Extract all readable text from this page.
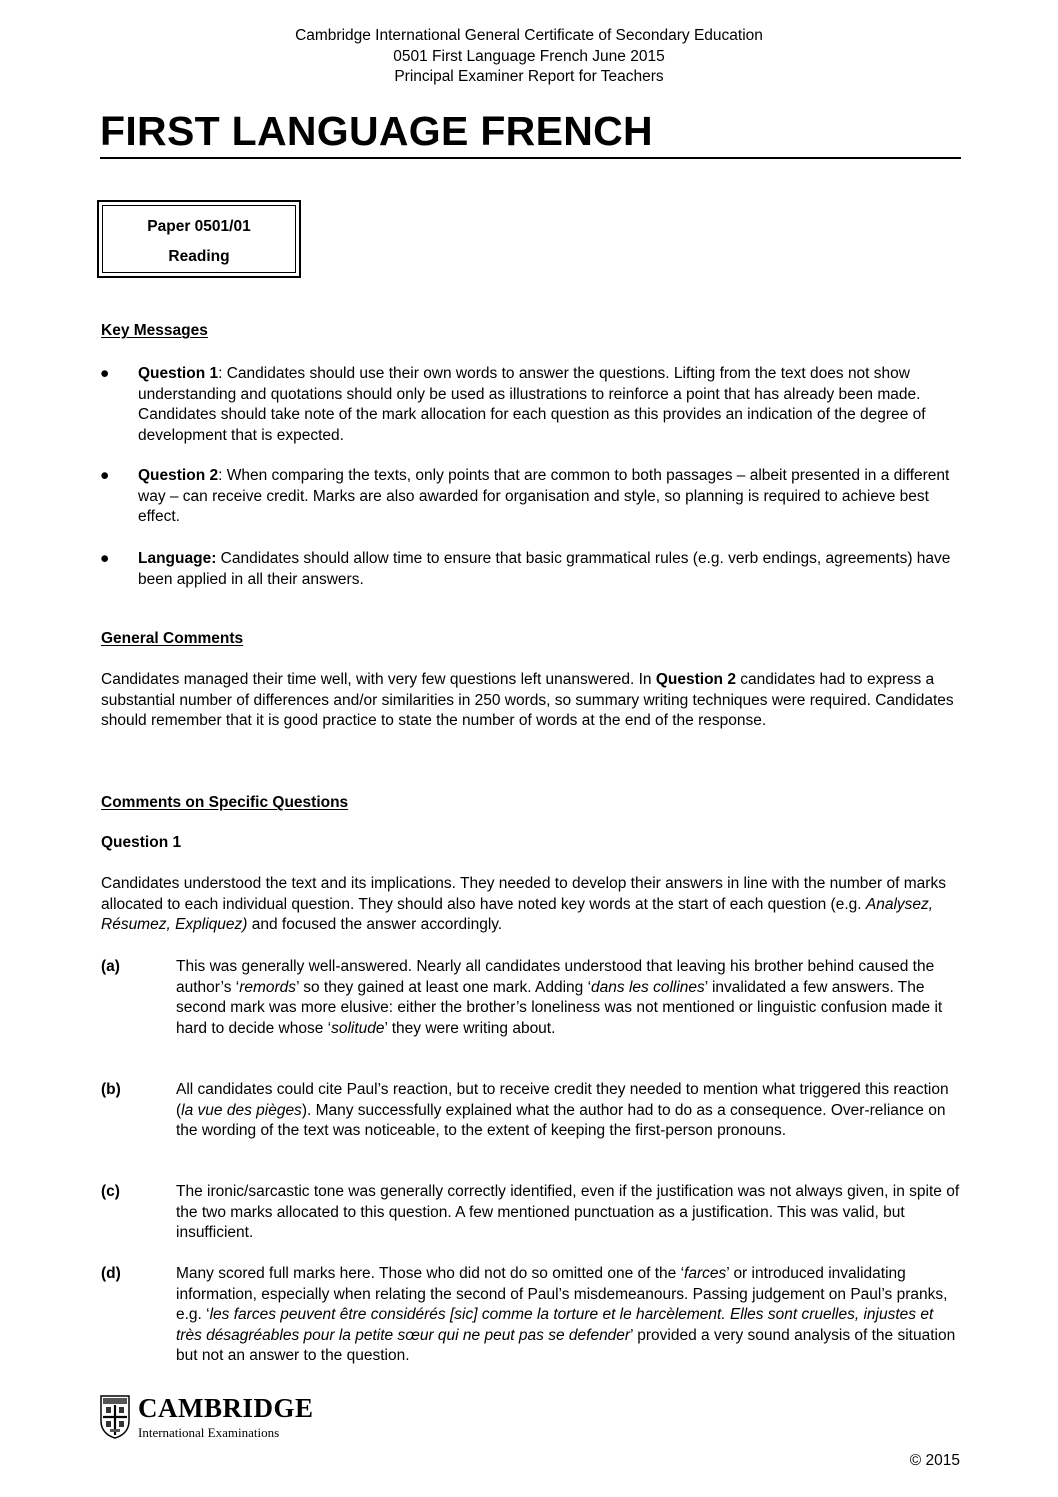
Cambridge International General Certificate of Secondary Education
0501 First Language French June 2015
Principal Examiner Report for Teachers
FIRST LANGUAGE FRENCH
Paper 0501/01
Reading
Key Messages
●	Question 1: Candidates should use their own words to answer the questions. Lifting from the text does not show understanding and quotations should only be used as illustrations to reinforce a point that has already been made. Candidates should take note of the mark allocation for each question as this provides an indication of the degree of development that is expected.
●	Question 2: When comparing the texts, only points that are common to both passages – albeit presented in a different way – can receive credit. Marks are also awarded for organisation and style, so planning is required to achieve best effect.
●	Language: Candidates should allow time to ensure that basic grammatical rules (e.g. verb endings, agreements) have been applied in all their answers.
General Comments
Candidates managed their time well, with very few questions left unanswered. In Question 2 candidates had to express a substantial number of differences and/or similarities in 250 words, so summary writing techniques were required. Candidates should remember that it is good practice to state the number of words at the end of the response.
Comments on Specific Questions
Question 1
Candidates understood the text and its implications. They needed to develop their answers in line with the number of marks allocated to each individual question. They should also have noted key words at the start of each question (e.g. Analysez, Résumez, Expliquez) and focused the answer accordingly.
(a)	This was generally well-answered. Nearly all candidates understood that leaving his brother behind caused the author’s ‘remords’ so they gained at least one mark. Adding ‘dans les collines’ invalidated a few answers. The second mark was more elusive: either the brother’s loneliness was not mentioned or linguistic confusion made it hard to decide whose ‘solitude’ they were writing about.
(b)	All candidates could cite Paul’s reaction, but to receive credit they needed to mention what triggered this reaction (la vue des pièges). Many successfully explained what the author had to do as a consequence. Over-reliance on the wording of the text was noticeable, to the extent of keeping the first-person pronouns.
(c)	The ironic/sarcastic tone was generally correctly identified, even if the justification was not always given, in spite of the two marks allocated to this question. A few mentioned punctuation as a justification. This was valid, but insufficient.
(d)	Many scored full marks here. Those who did not do so omitted one of the ‘farces’ or introduced invalidating information, especially when relating the second of Paul’s misdemeanours. Passing judgement on Paul’s pranks, e.g. ‘les farces peuvent être considérés [sic] comme la torture et le harcèlement. Elles sont cruelles, injustes et très désagréables pour la petite sœur qui ne peut pas se defender’ provided a very sound analysis of the situation but not an answer to the question.
CAMBRIDGE
International Examinations
© 2015
